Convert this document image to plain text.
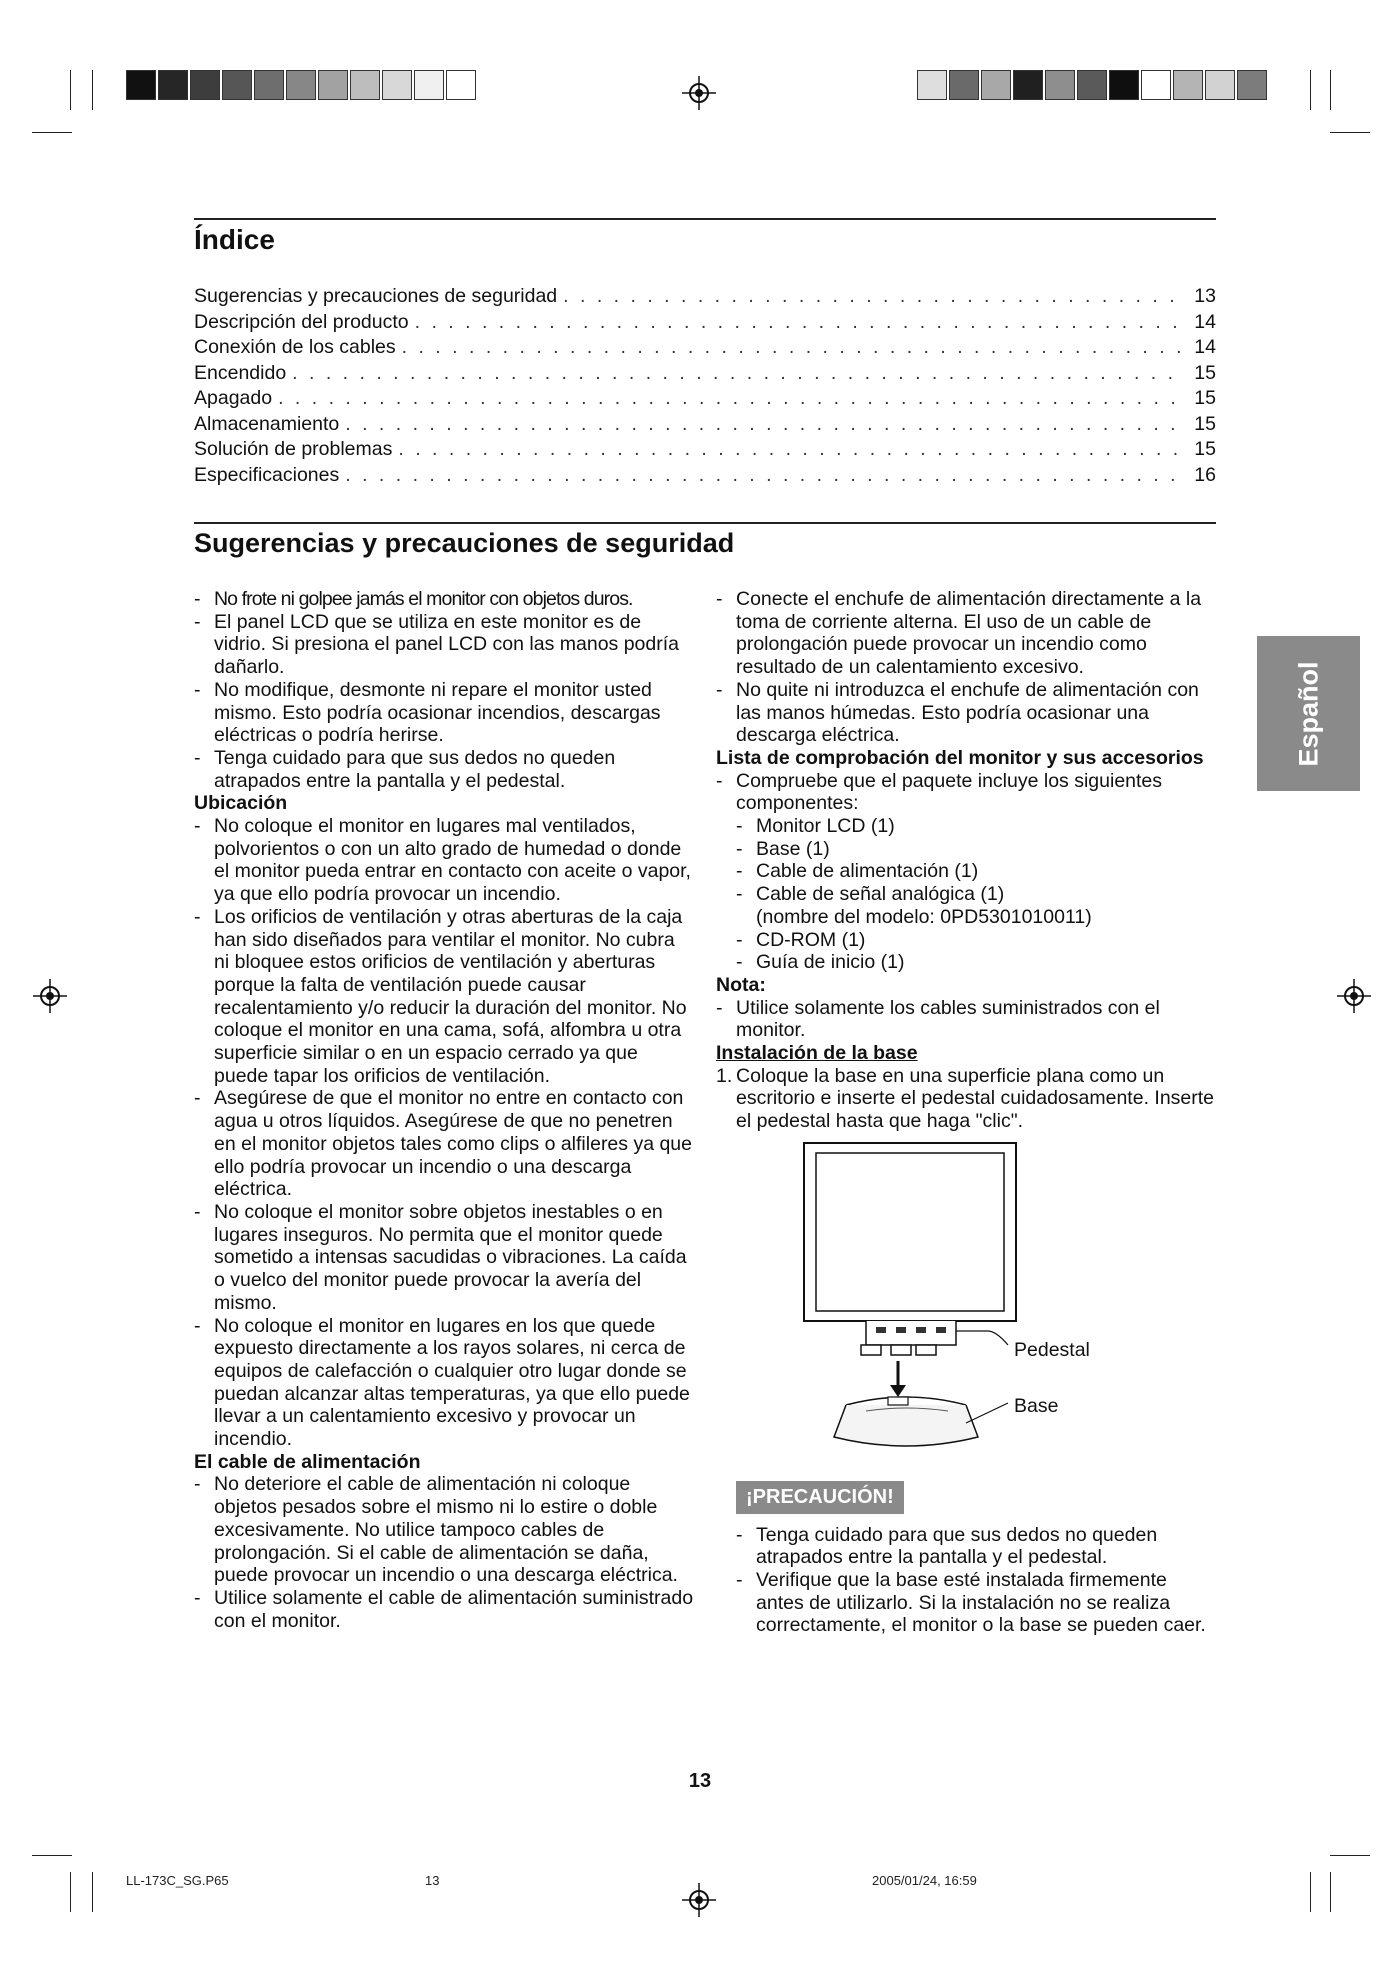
Índice
Sugerencias y precauciones de seguridad . . .	13
Descripción del producto . . .	14
Conexión de los cables . . .	14
Encendido . . .	15
Apagado . . .	15
Almacenamiento . . .	15
Solución de problemas . . .	15
Especificaciones . . .	16
Sugerencias y precauciones de seguridad
- No frote ni golpee jamás el monitor con objetos duros.
- El panel LCD que se utiliza en este monitor es de vidrio. Si presiona el panel LCD con las manos podría dañarlo.
- No modifique, desmonte ni repare el monitor usted mismo. Esto podría ocasionar incendios, descargas eléctricas o podría herirse.
- Tenga cuidado para que sus dedos no queden atrapados entre la pantalla y el pedestal.

Ubicación

- No coloque el monitor en lugares mal ventilados, polvorientos o con un alto grado de humedad o donde el monitor pueda entrar en contacto con aceite o vapor, ya que ello podría provocar un incendio.
- Los orificios de ventilación y otras aberturas de la caja han sido diseñados para ventilar el monitor. No cubra ni bloquee estos orificios de ventilación y aberturas porque la falta de ventilación puede causar recalentamiento y/o reducir la duración del monitor. No coloque el monitor en una cama, sofá, alfombra u otra superficie similar o en un espacio cerrado ya que puede tapar los orificios de ventilación.
- Asegúrese de que el monitor no entre en contacto con agua u otros líquidos. Asegúrese de que no penetren en el monitor objetos tales como clips o alfileres ya que ello podría provocar un incendio o una descarga eléctrica.
- No coloque el monitor sobre objetos inestables o en lugares inseguros. No permita que el monitor quede sometido a intensas sacudidas o vibraciones. La caída o vuelco del monitor puede provocar la avería del mismo.
- No coloque el monitor en lugares en los que quede expuesto directamente a los rayos solares, ni cerca de equipos de calefacción o cualquier otro lugar donde se puedan alcanzar altas temperaturas, ya que ello puede llevar a un calentamiento excesivo y provocar un incendio.

El cable de alimentación

- No deteriore el cable de alimentación ni coloque objetos pesados sobre el mismo ni lo estire o doble excesivamente. No utilice tampoco cables de prolongación. Si el cable de alimentación se daña, puede provocar un incendio o una descarga eléctrica.
- Utilice solamente el cable de alimentación suministrado con el monitor.
- Conecte el enchufe de alimentación directamente a la toma de corriente alterna. El uso de un cable de prolongación puede provocar un incendio como resultado de un calentamiento excesivo.
- No quite ni introduzca el enchufe de alimentación con las manos húmedas. Esto podría ocasionar una descarga eléctrica.

Lista de comprobación del monitor y sus accesorios

- Compruebe que el paquete incluye los siguientes componentes:
- Monitor LCD (1)
- Base (1)
- Cable de alimentación (1)
- Cable de señal analógica (1)
(nombre del modelo: 0PD5301010011)
- CD-ROM (1)
- Guía de inicio (1)

Nota:

- Utilice solamente los cables suministrados con el monitor.

Instalación de la base

1. Coloque la base en una superficie plana como un escritorio e inserte el pedestal cuidadosamente. Inserte el pedestal hasta que haga "clic".
Pedestal
Base
¡PRECAUCIÓN!
- Tenga cuidado para que sus dedos no queden atrapados entre la pantalla y el pedestal.
- Verifique que la base esté instalada firmemente antes de utilizarlo. Si la instalación no se realiza correctamente, el monitor o la base se pueden caer.
Español
13
LL-173C_SG.P65	13	2005/01/24, 16:59
